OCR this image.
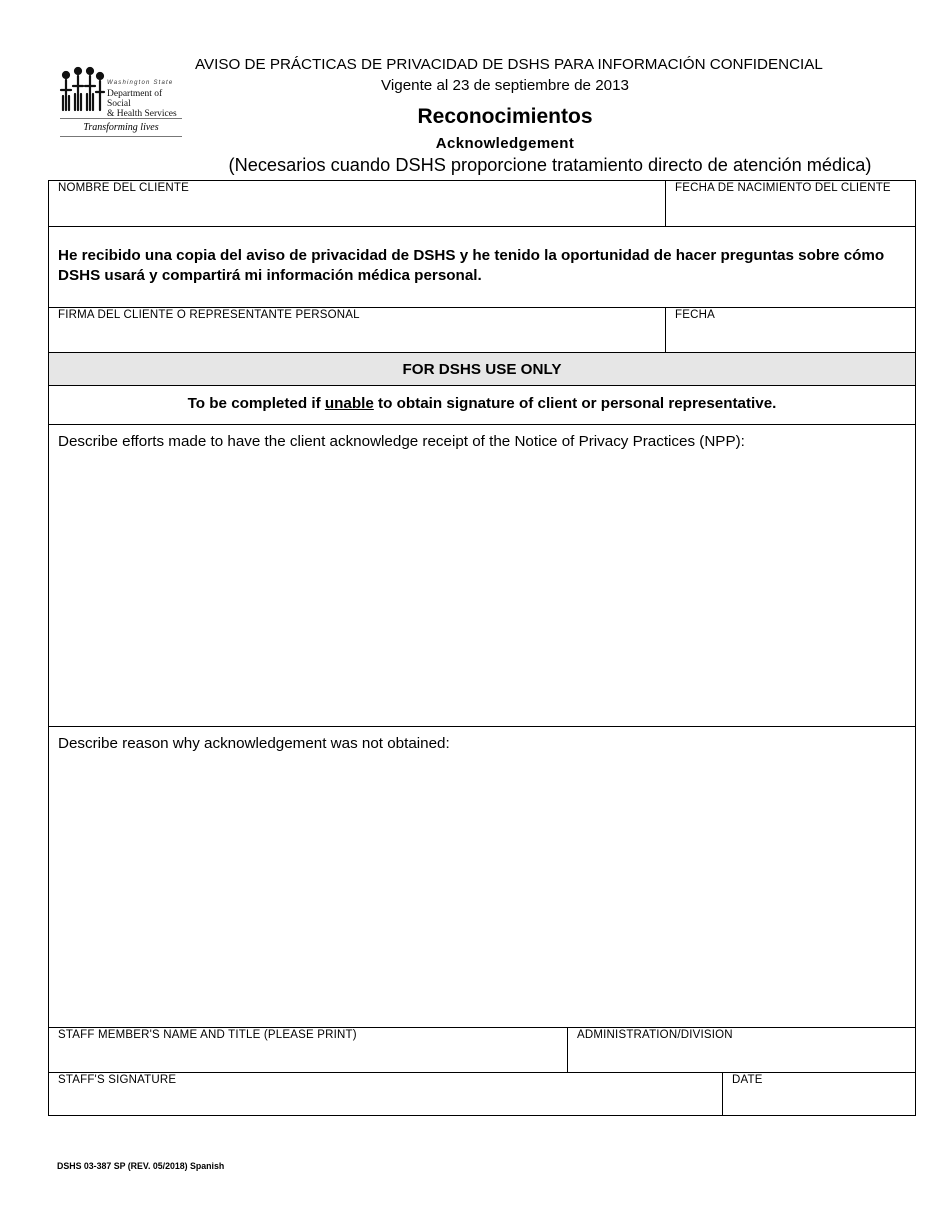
Washington State
Department of Social
& Health Services
Transforming lives
AVISO DE PRÁCTICAS DE PRIVACIDAD DE DSHS PARA INFORMACIÓN CONFIDENCIAL
Vigente al 23 de septiembre de 2013
Reconocimientos
Acknowledgement
(Necesarios cuando DSHS proporcione tratamiento directo de atención médica)
NOMBRE DEL CLIENTE	FECHA DE NACIMIENTO DEL CLIENTE
He recibido una copia del aviso de privacidad de DSHS y he tenido la oportunidad de hacer preguntas sobre cómo DSHS usará y compartirá mi información médica personal.
FIRMA DEL CLIENTE O REPRESENTANTE PERSONAL	FECHA
FOR DSHS USE ONLY
To be completed if unable to obtain signature of client or personal representative.
Describe efforts made to have the client acknowledge receipt of the Notice of Privacy Practices (NPP):
Describe reason why acknowledgement was not obtained:
STAFF MEMBER'S NAME AND TITLE (PLEASE PRINT)	ADMINISTRATION/DIVISION
STAFF'S SIGNATURE	DATE
DSHS 03-387 SP (REV. 05/2018) Spanish
